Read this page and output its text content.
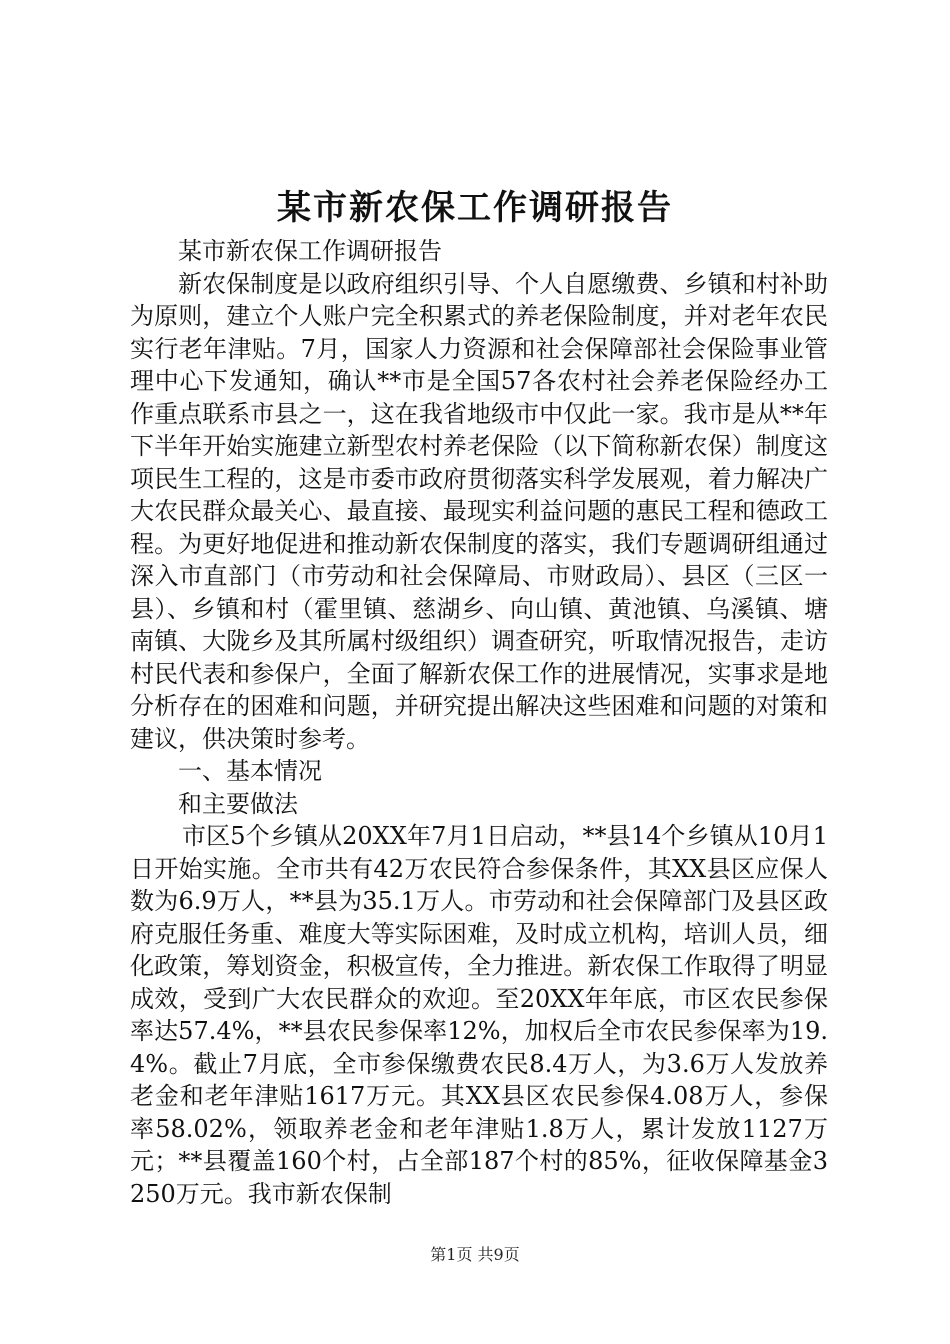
某市新农保工作调研报告

某市新农保工作调研报告

新农保制度是以政府组织引导、个人自愿缴费、乡镇和村补助为原则，建立个人账户完全积累式的养老保险制度，并对老年农民实行老年津贴。7月，国家人力资源和社会保障部社会保险事业管理中心下发通知，确认**市是全国57各农村社会养老保险经办工作重点联系市县之一，这在我省地级市中仅此一家。我市是从**年下半年开始实施建立新型农村养老保险（以下简称新农保）制度这项民生工程的，这是市委市政府贯彻落实科学发展观，着力解决广大农民群众最关心、最直接、最现实利益问题的惠民工程和德政工程。为更好地促进和推动新农保制度的落实，我们专题调研组通过深入市直部门（市劳动和社会保障局、市财政局）、县区（三区一县）、乡镇和村（霍里镇、慈湖乡、向山镇、黄池镇、乌溪镇、塘南镇、大陇乡及其所属村级组织）调查研究，听取情况报告，走访村民代表和参保户，全面了解新农保工作的进展情况，实事求是地分析存在的困难和问题，并研究提出解决这些困难和问题的对策和建议，供决策时参考。

一、基本情况

和主要做法

市区5个乡镇从20XX年7月1日启动，**县14个乡镇从10月1日开始实施。全市共有42万农民符合参保条件，其XX县区应保人数为6.9万人，**县为35.1万人。市劳动和社会保障部门及县区政府克服任务重、难度大等实际困难，及时成立机构，培训人员，细化政策，筹划资金，积极宣传，全力推进。新农保工作取得了明显成效，受到广大农民群众的欢迎。至20XX年年底，市区农民参保率达57.4%，**县农民参保率12%，加权后全市农民参保率为19.4%。截止7月底，全市参保缴费农民8.4万人，为3.6万人发放养老金和老年津贴1617万元。其XX县区农民参保4.08万人，参保率58.02%，领取养老金和老年津贴1.8万人，累计发放1127万元；**县覆盖160个村，占全部187个村的85%，征收保障基金3250万元。我市新农保制

第1页 共9页
